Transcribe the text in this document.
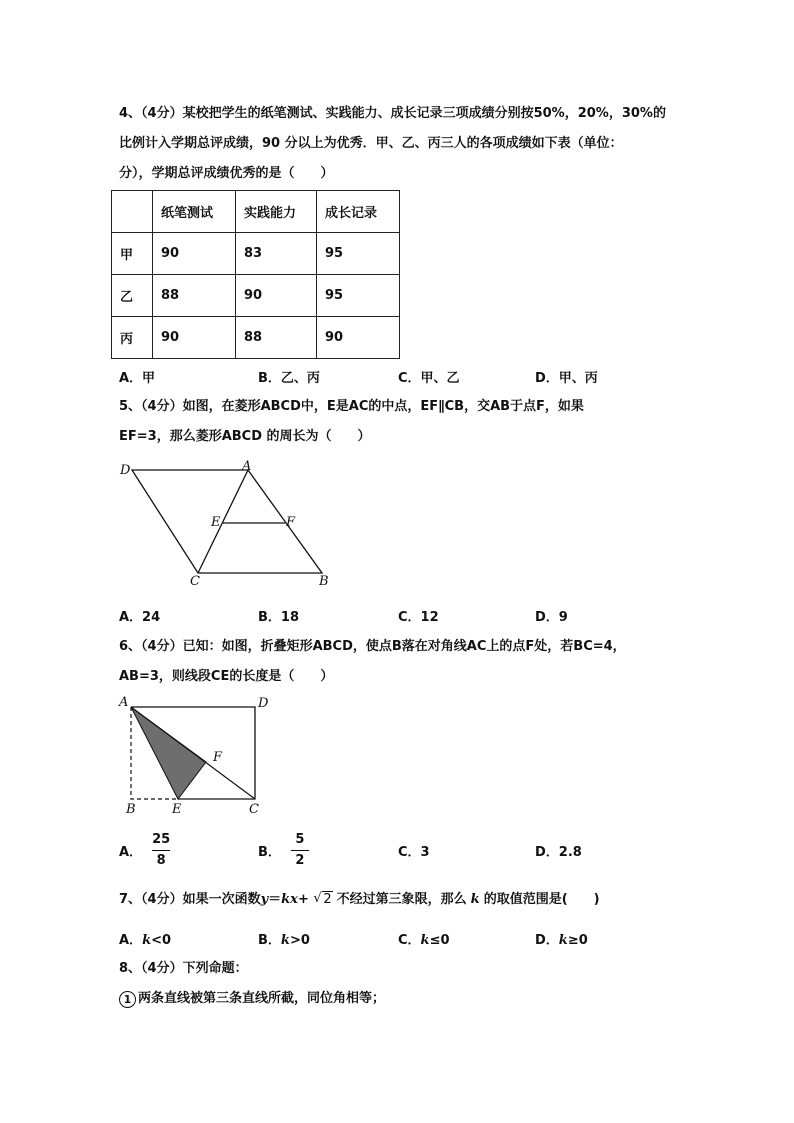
4、（4分）某校把学生的纸笔测试、实践能力、成长记录三项成绩分别按50%，20%，30%的
比例计入学期总评成绩，90 分以上为优秀．甲、乙、丙三人的各项成绩如下表（单位：
分），学期总评成绩优秀的是（　　）
	纸笔测试	实践能力	成长记录
甲	90	83	95
乙	88	90	95
丙	90	88	90
A．甲	B．乙、丙	C．甲、乙	D．甲、丙
5、（4分）如图，在菱形ABCD中，E是AC的中点，EF∥CB，交AB于点F，如果
EF=3，那么菱形ABCD 的周长为（　　）
D	A
E	F
C	B
A．24	B．18	C．12	D．9
6、（4分）已知：如图，折叠矩形ABCD，使点B落在对角线AC上的点F处，若BC=4，
AB=3，则线段CE的长度是（　　）
A	D
F
B	E	C
A． $\frac{25}{8}$	B． $\frac{5}{2}$	C．3	D．2.8
7、（4分）如果一次函数y＝kx+ √ 2 不经过第三象限，那么 k 的取值范围是(　　)
A．k<0	B．k>0	C．k≤0	D．k≥0
8、（4分）下列命题：
1 两条直线被第三条直线所截，同位角相等；
